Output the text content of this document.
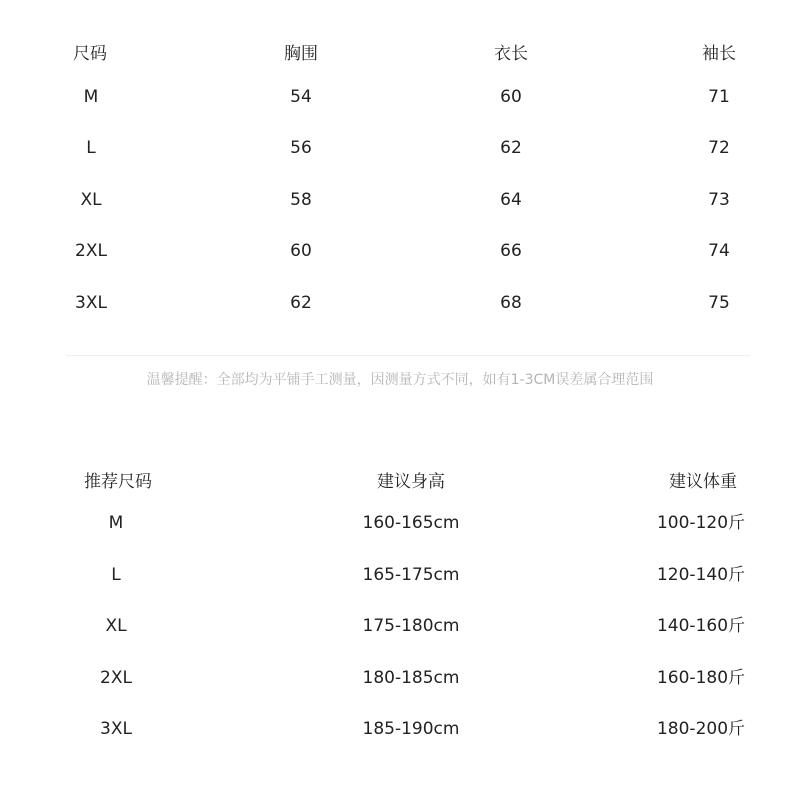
尺码	胸围	衣长	袖长
M	54	60	71
L	56	62	72
XL	58	64	73
2XL	60	66	74
3XL	62	68	75
温馨提醒：全部均为平铺手工测量，因测量方式不同，如有1-3CM误差属合理范围
推荐尺码	建议身高	建议体重
M	160-165cm	100-120斤
L	165-175cm	120-140斤
XL	175-180cm	140-160斤
2XL	180-185cm	160-180斤
3XL	185-190cm	180-200斤
